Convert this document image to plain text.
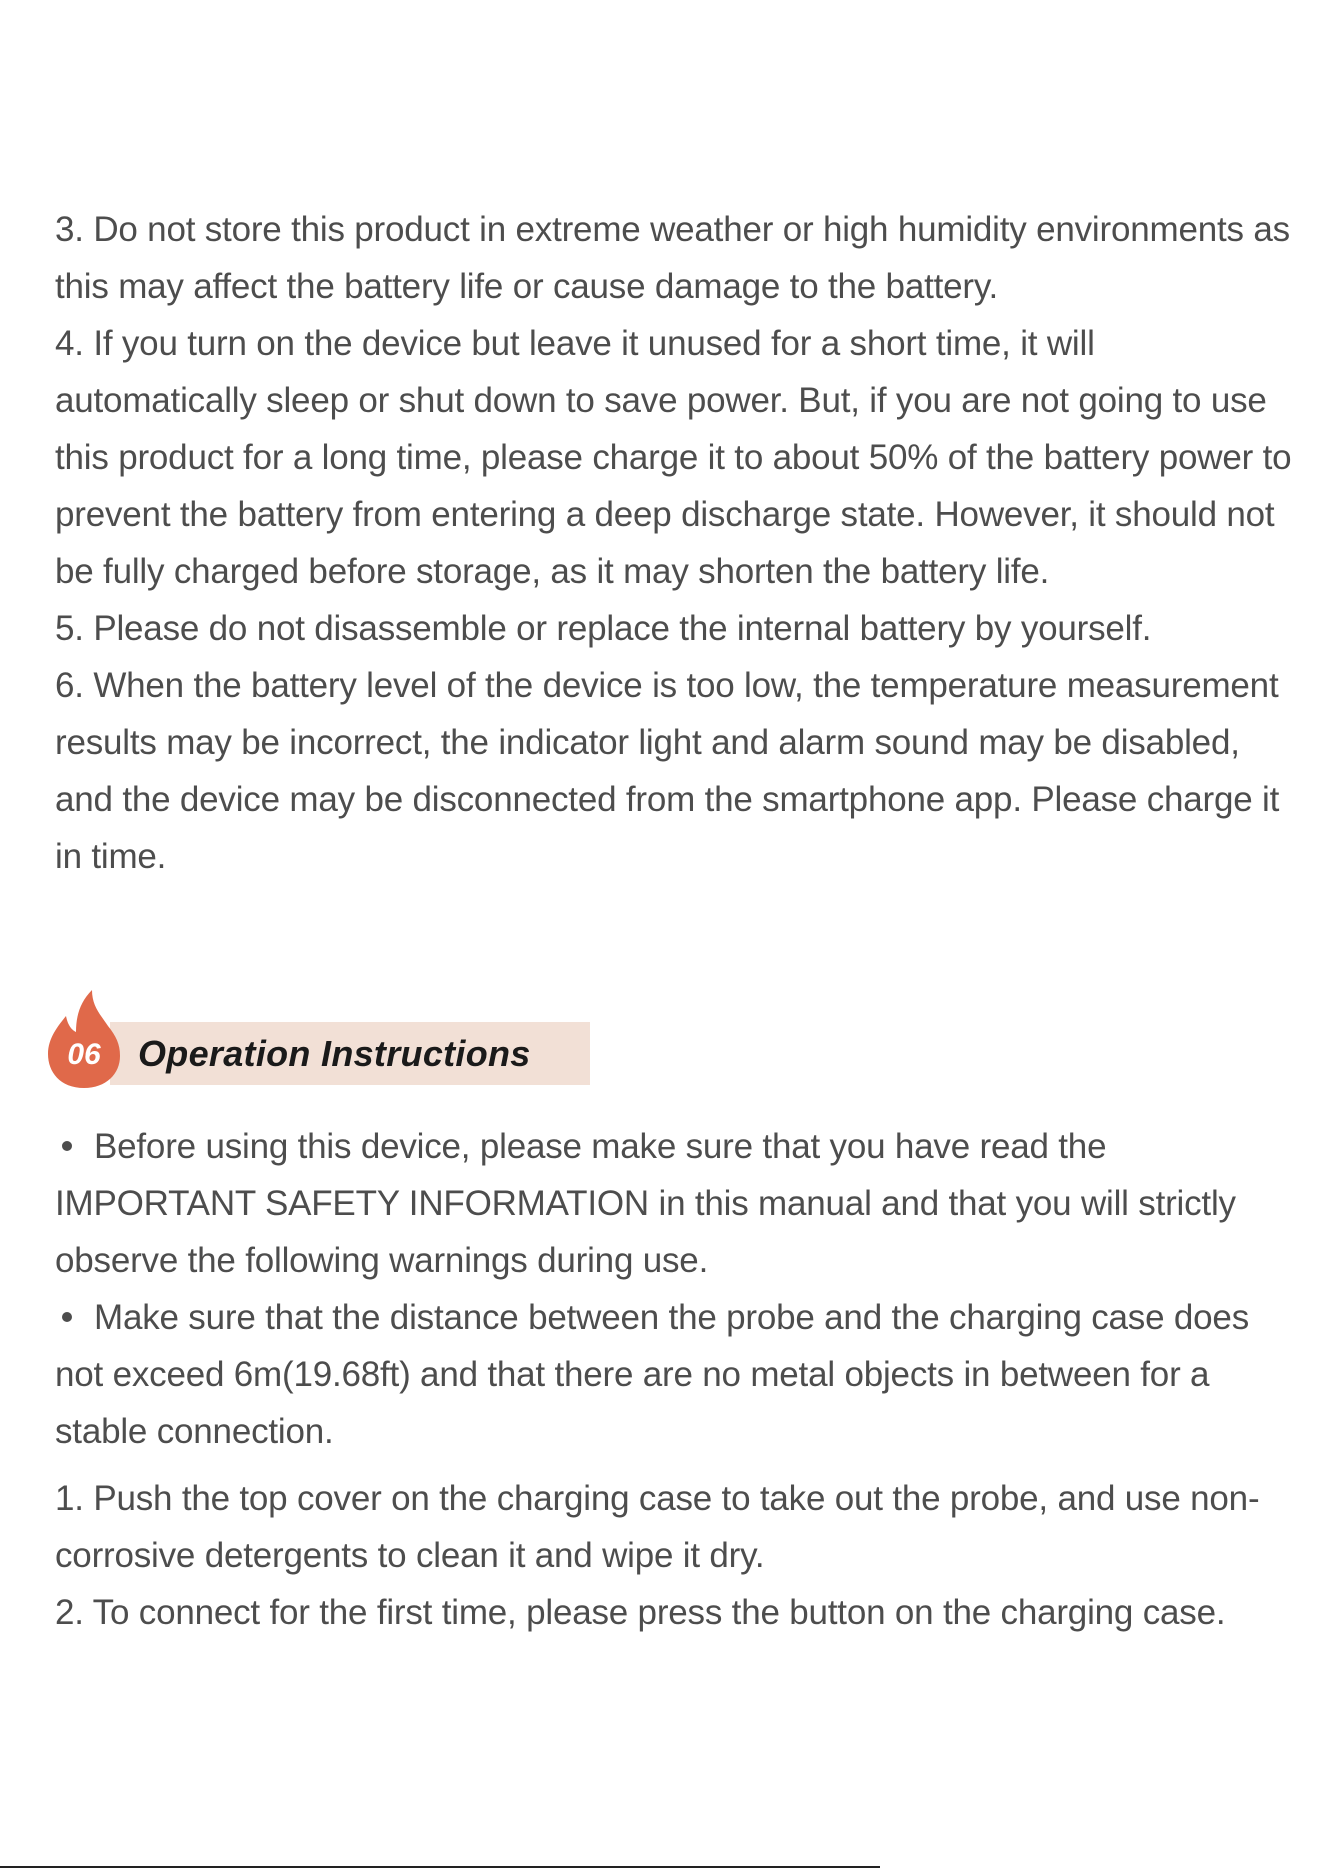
3. Do not store this product in extreme weather or high humidity environments as this may affect the battery life or cause damage to the battery.

4. If you turn on the device but leave it unused for a short time, it will automatically sleep or shut down to save power. But, if you are not going to use this product for a long time, please charge it to about 50% of the battery power to prevent the battery from entering a deep discharge state. However, it should not be fully charged before storage, as it may shorten the battery life.

5. Please do not disassemble or replace the internal battery by yourself.

6. When the battery level of the device is too low, the temperature measurement results may be incorrect, the indicator light and alarm sound may be disabled, and the device may be disconnected from the smartphone app. Please charge it in time.

06	Operation Instructions

Before using this device, please make sure that you have read the IMPORTANT SAFETY INFORMATION in this manual and that you will strictly observe the following warnings during use.

Make sure that the distance between the probe and the charging case does not exceed 6m(19.68ft) and that there are no metal objects in between for a stable connection.

1. Push the top cover on the charging case to take out the probe, and use non-corrosive detergents to clean it and wipe it dry.

2. To connect for the first time, please press the button on the charging case.
